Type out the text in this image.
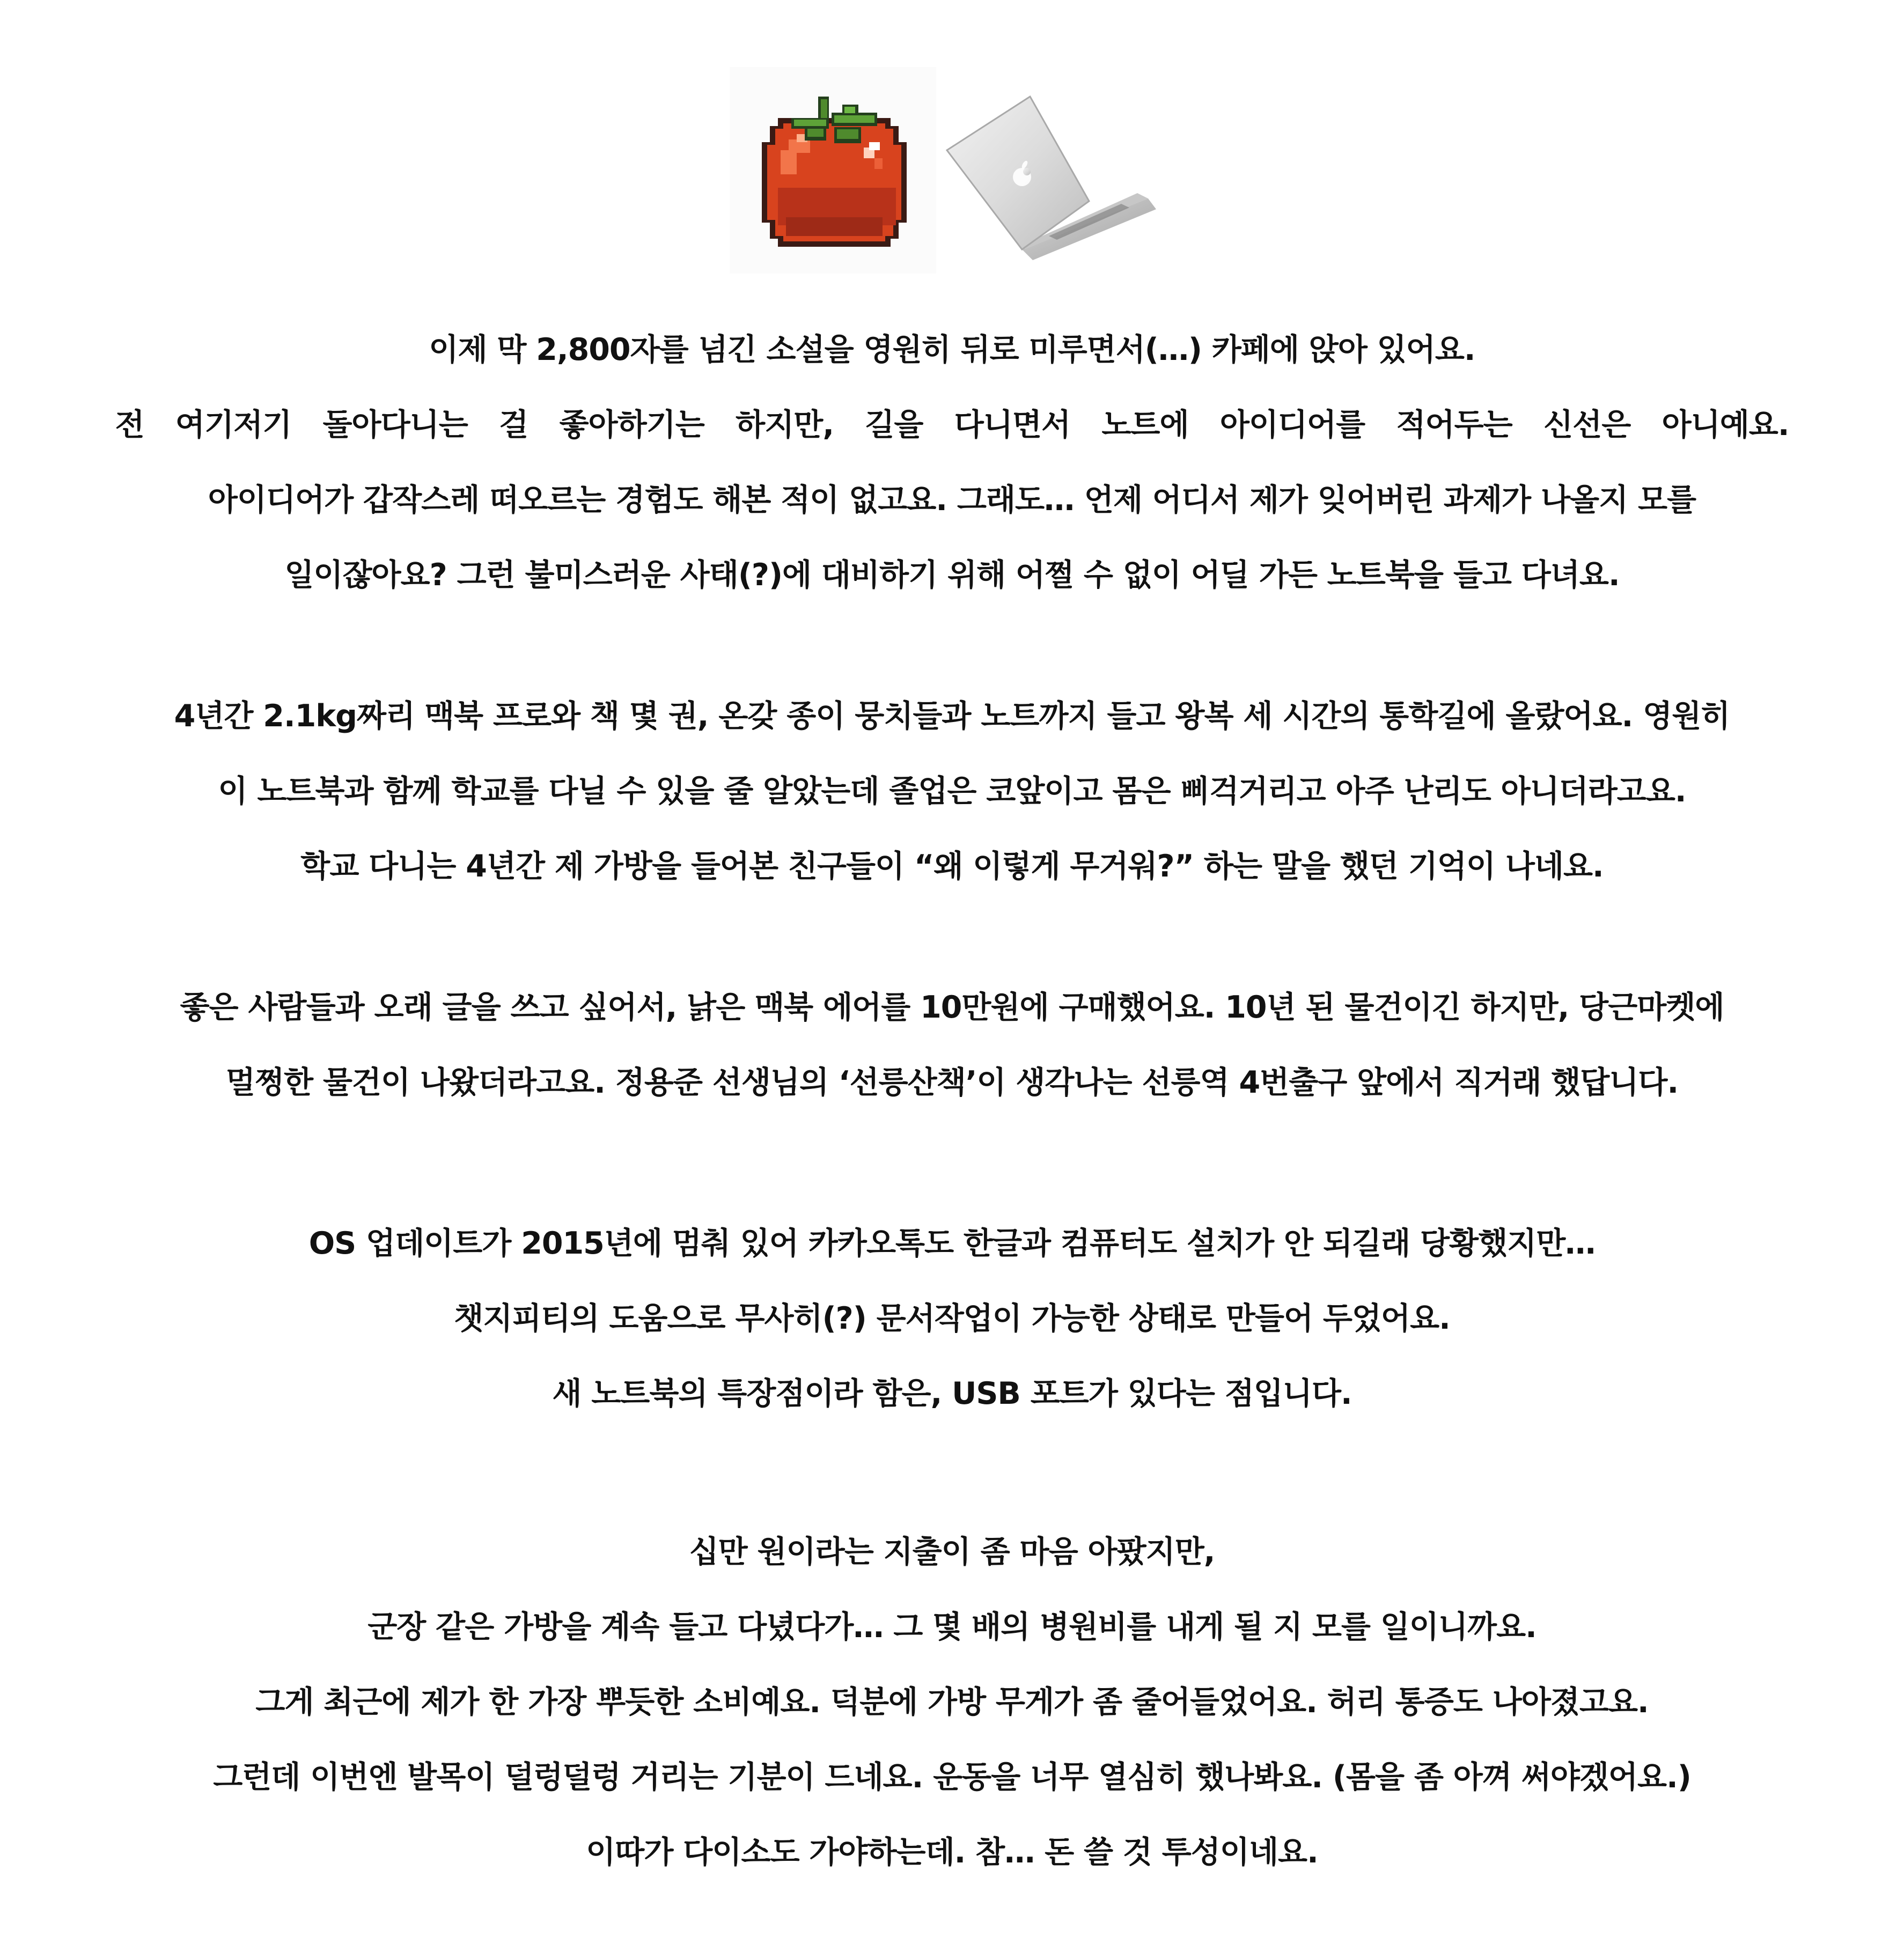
이제 막 2,800자를 넘긴 소설을 영원히 뒤로 미루면서(…) 카페에 앉아 있어요.
전 여기저기 돌아다니는 걸 좋아하기는 하지만, 길을 다니면서 노트에 아이디어를 적어두는 신선은 아니예요.
아이디어가 갑작스레 떠오르는 경험도 해본 적이 없고요. 그래도… 언제 어디서 제가 잊어버린 과제가 나올지 모를
일이잖아요? 그런 불미스러운 사태(?)에 대비하기 위해 어쩔 수 없이 어딜 가든 노트북을 들고 다녀요.
4년간 2.1kg짜리 맥북 프로와 책 몇 권, 온갖 종이 뭉치들과 노트까지 들고 왕복 세 시간의 통학길에 올랐어요. 영원히
이 노트북과 함께 학교를 다닐 수 있을 줄 알았는데 졸업은 코앞이고 몸은 삐걱거리고 아주 난리도 아니더라고요.
학교 다니는 4년간 제 가방을 들어본 친구들이 “왜 이렇게 무거워?” 하는 말을 했던 기억이 나네요.
좋은 사람들과 오래 글을 쓰고 싶어서, 낡은 맥북 에어를 10만원에 구매했어요. 10년 된 물건이긴 하지만, 당근마켓에
멀쩡한 물건이 나왔더라고요. 정용준 선생님의 ‘선릉산책’이 생각나는 선릉역 4번출구 앞에서 직거래 했답니다.
OS 업데이트가 2015년에 멈춰 있어 카카오톡도 한글과 컴퓨터도 설치가 안 되길래 당황했지만…
챗지피티의 도움으로 무사히(?) 문서작업이 가능한 상태로 만들어 두었어요.
새 노트북의 특장점이라 함은, USB 포트가 있다는 점입니다.
십만 원이라는 지출이 좀 마음 아팠지만,
군장 같은 가방을 계속 들고 다녔다가… 그 몇 배의 병원비를 내게 될 지 모를 일이니까요.
그게 최근에 제가 한 가장 뿌듯한 소비예요. 덕분에 가방 무게가 좀 줄어들었어요. 허리 통증도 나아졌고요.
그런데 이번엔 발목이 덜렁덜렁 거리는 기분이 드네요. 운동을 너무 열심히 했나봐요. (몸을 좀 아껴 써야겠어요.)
이따가 다이소도 가야하는데. 참… 돈 쓸 것 투성이네요.
